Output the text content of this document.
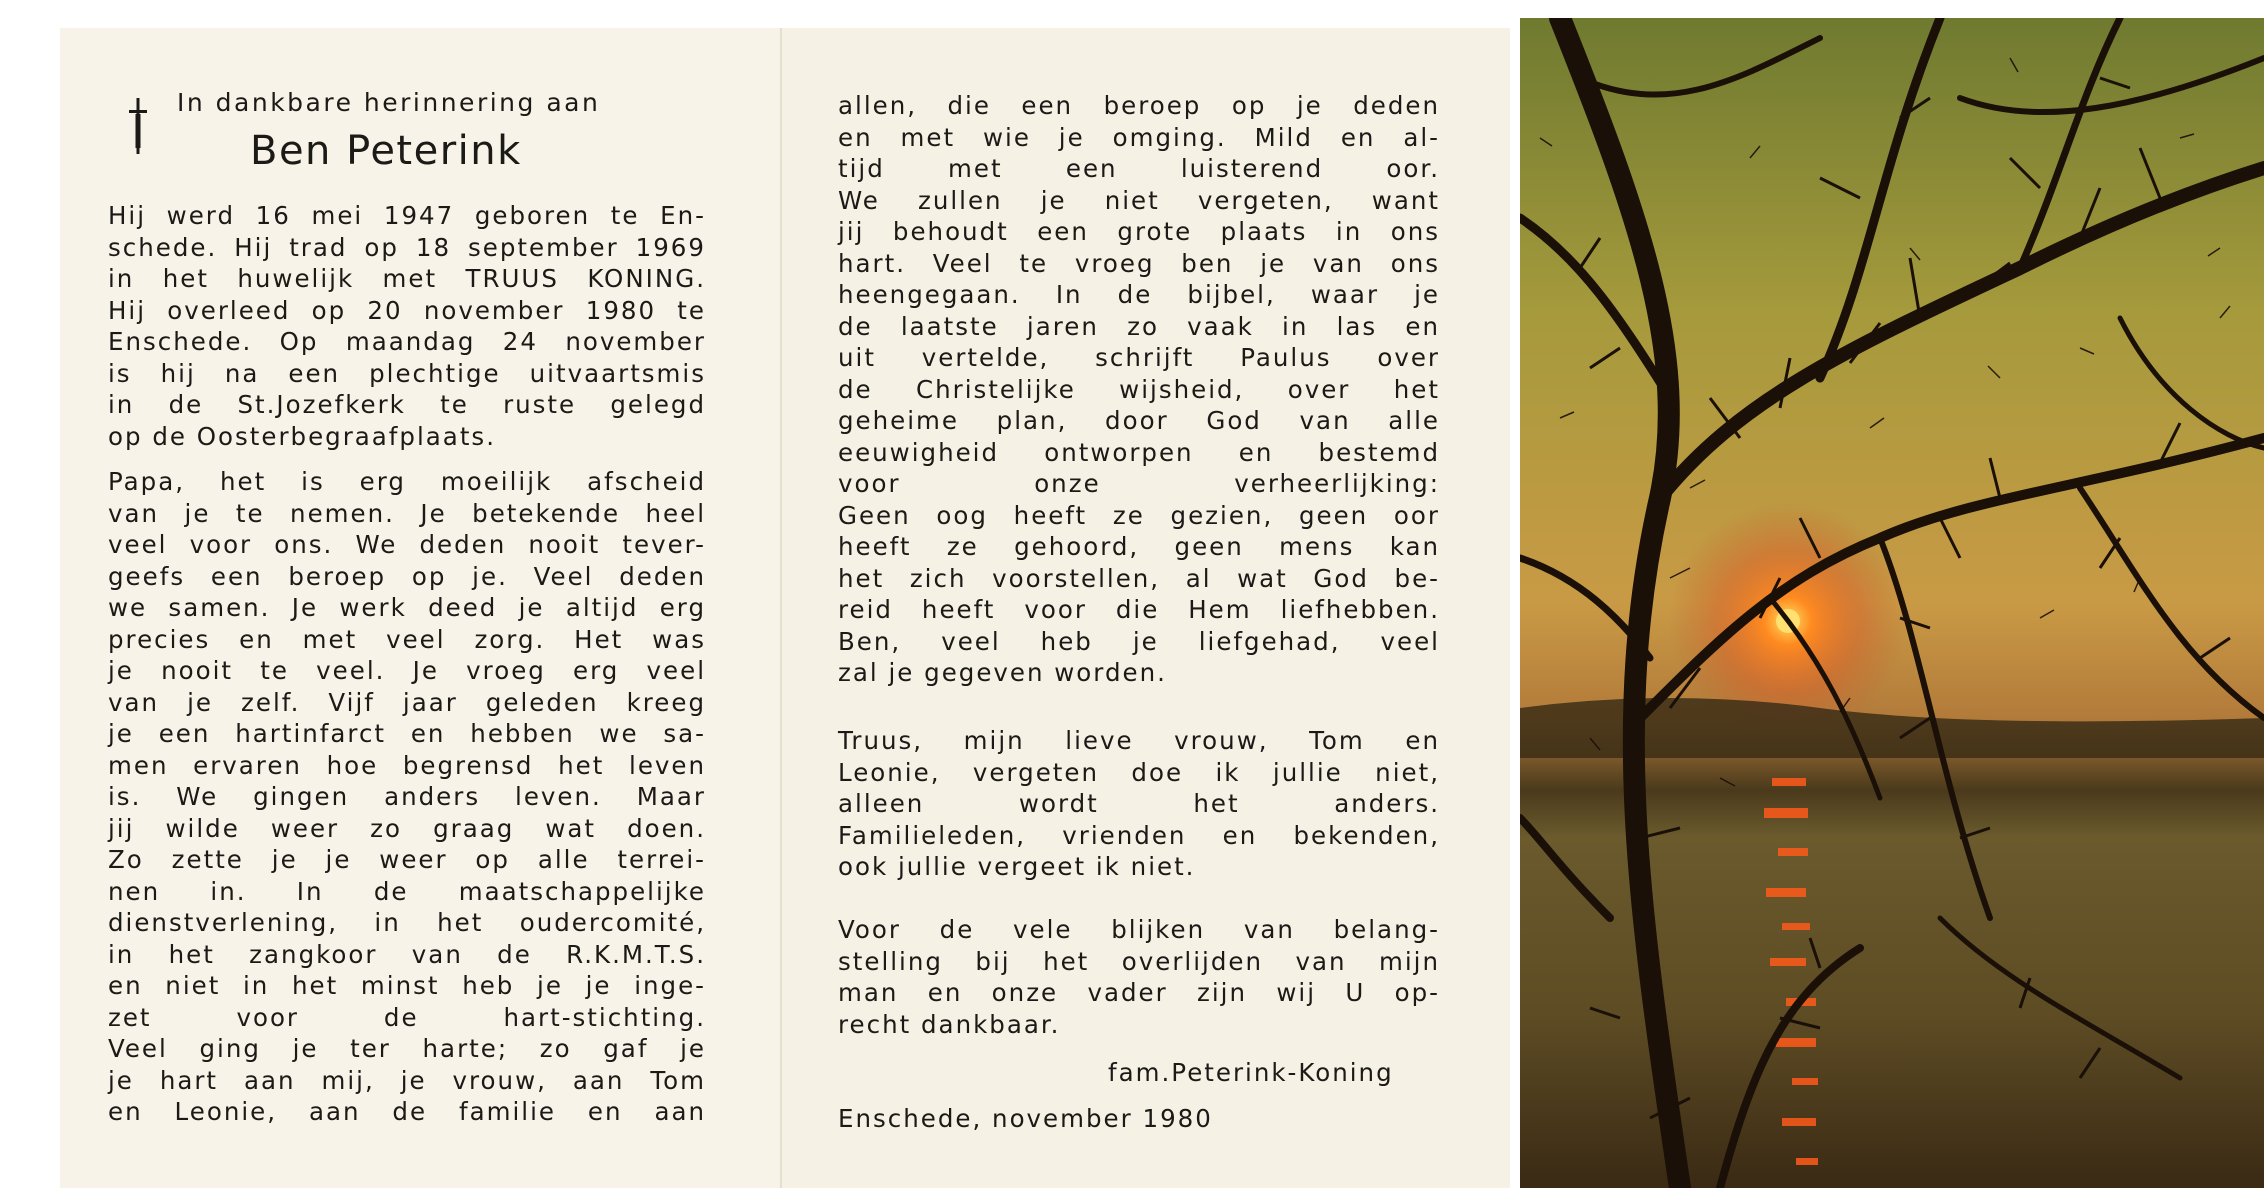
In dankbare herinnering aan
Ben Peterink

Hij werd 16 mei 1947 geboren te En-

schede. Hij trad op 18 september 1969

in het huwelijk met TRUUS KONING.

Hij overleed op 20 november 1980 te

Enschede. Op maandag 24 november

is hij na een plechtige uitvaartsmis

in de St.Jozefkerk te ruste gelegd

op de Oosterbegraafplaats.

Papa, het is erg moeilijk afscheid

van je te nemen. Je betekende heel

veel voor ons. We deden nooit tever-

geefs een beroep op je. Veel deden

we samen. Je werk deed je altijd erg

precies en met veel zorg. Het was

je nooit te veel. Je vroeg erg veel

van je zelf. Vijf jaar geleden kreeg

je een hartinfarct en hebben we sa-

men ervaren hoe begrensd het leven

is. We gingen anders leven. Maar

jij wilde weer zo graag wat doen.

Zo zette je je weer op alle terrei-

nen in. In de maatschappelijke

dienstverlening, in het oudercomité,

in het zangkoor van de R.K.M.T.S.

en niet in het minst heb je je inge-

zet voor de hart-stichting.

Veel ging je ter harte; zo gaf je

je hart aan mij, je vrouw, aan Tom

en Leonie, aan de familie en aan

allen, die een beroep op je deden

en met wie je omging. Mild en al-

tijd met een luisterend oor.

We zullen je niet vergeten, want

jij behoudt een grote plaats in ons

hart. Veel te vroeg ben je van ons

heengegaan. In de bijbel, waar je

de laatste jaren zo vaak in las en

uit vertelde, schrijft Paulus over

de Christelijke wijsheid, over het

geheime plan, door God van alle

eeuwigheid ontworpen en bestemd

voor onze verheerlijking:

Geen oog heeft ze gezien, geen oor

heeft ze gehoord, geen mens kan

het zich voorstellen, al wat God be-

reid heeft voor die Hem liefhebben.

Ben, veel heb je liefgehad, veel

zal je gegeven worden.

Truus, mijn lieve vrouw, Tom en

Leonie, vergeten doe ik jullie niet,

alleen wordt het anders.

Familieleden, vrienden en bekenden,

ook jullie vergeet ik niet.

Voor de vele blijken van belang-

stelling bij het overlijden van mijn

man en onze vader zijn wij U op-

recht dankbaar.

fam.Peterink-Koning
Enschede, november 1980
